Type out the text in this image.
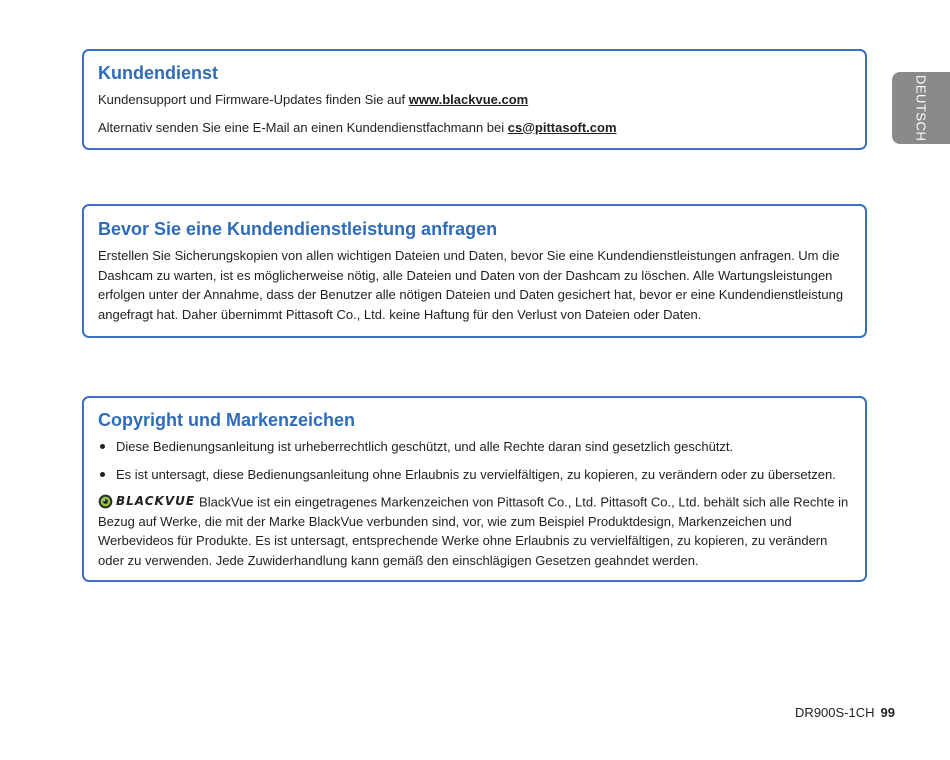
DEUTSCH
Kundendienst

Kundensupport und Firmware-Updates finden Sie auf www.blackvue.com

Alternativ senden Sie eine E-Mail an einen Kundendienstfachmann bei cs@pittasoft.com

Bevor Sie eine Kundendienstleistung anfragen

Erstellen Sie Sicherungskopien von allen wichtigen Dateien und Daten, bevor Sie eine Kundendienstleistungen anfragen. Um die Dashcam zu warten, ist es möglicherweise nötig, alle Dateien und Daten von der Dashcam zu löschen. Alle Wartungsleistungen erfolgen unter der Annahme, dass der Benutzer alle nötigen Dateien und Daten gesichert hat, bevor er eine Kundendienstleistung angefragt hat. Daher übernimmt Pittasoft Co., Ltd. keine Haftung für den Verlust von Dateien oder Daten.

Copyright und Markenzeichen
Diese Bedienungsanleitung ist urheberrechtlich geschützt, und alle Rechte daran sind gesetzlich geschützt.
Es ist untersagt, diese Bedienungsanleitung ohne Erlaubnis zu vervielfältigen, zu kopieren, zu verändern oder zu übersetzen.

BLACKVUE BlackVue ist ein eingetragenes Markenzeichen von Pittasoft Co., Ltd. Pittasoft Co., Ltd. behält sich alle Rechte in Bezug auf Werke, die mit der Marke BlackVue verbunden sind, vor, wie zum Beispiel Produktdesign, Markenzeichen und Werbevideos für Produkte. Es ist untersagt, entsprechende Werke ohne Erlaubnis zu vervielfältigen, zu kopieren, zu verändern oder zu verwenden. Jede Zuwiderhandlung kann gemäß den einschlägigen Gesetzen geahndet werden.

DR900S-1CH 99
